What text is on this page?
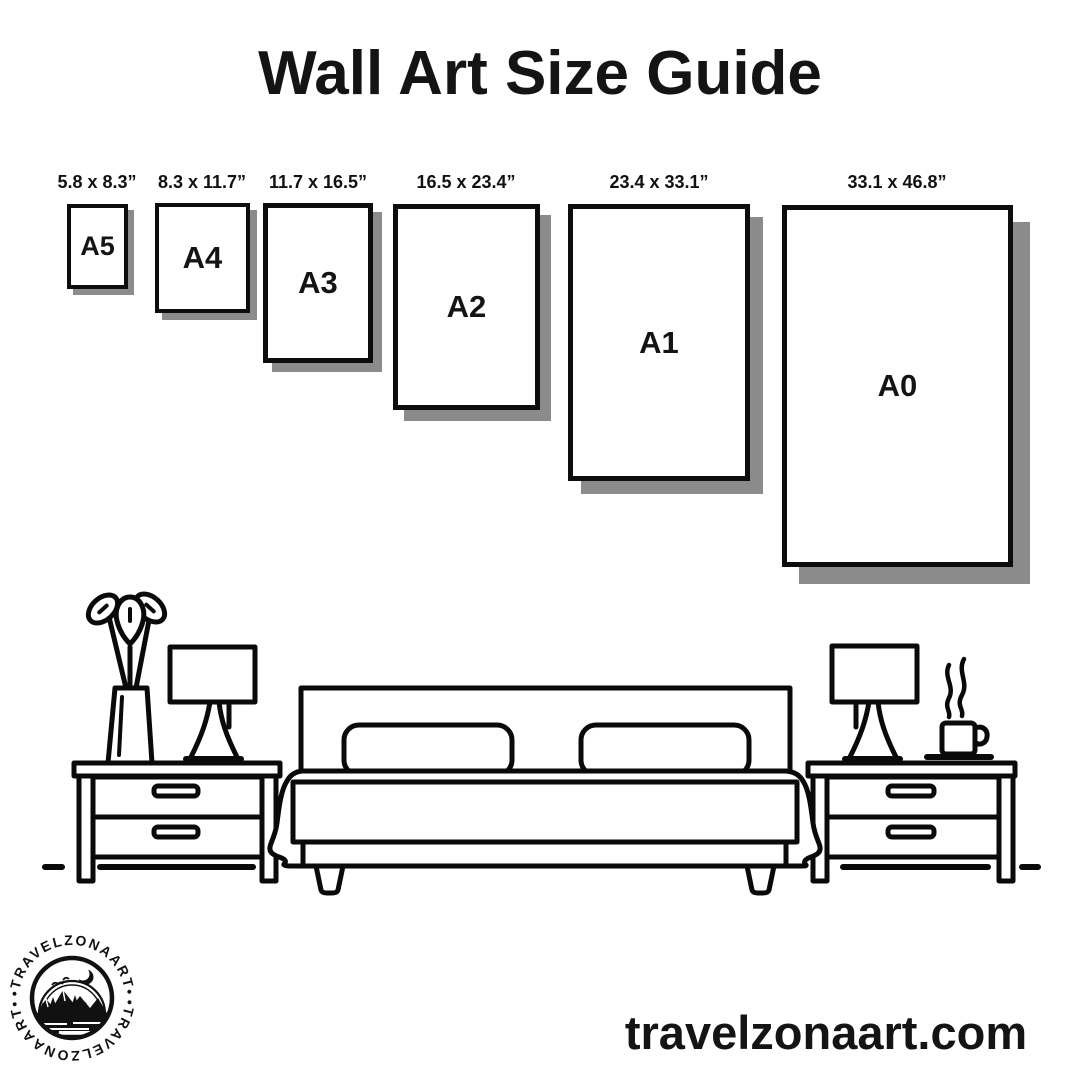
Wall Art Size Guide
5.8 x 8.3”	8.3 x 11.7”	11.7 x 16.5”	16.5 x 23.4”	23.4 x 33.1”	33.1 x 46.8”
A5 A4
A3
A2
A1
A0
•TRAVELZONAART•
•TRAVELZONAART•
travelzonaart.com
